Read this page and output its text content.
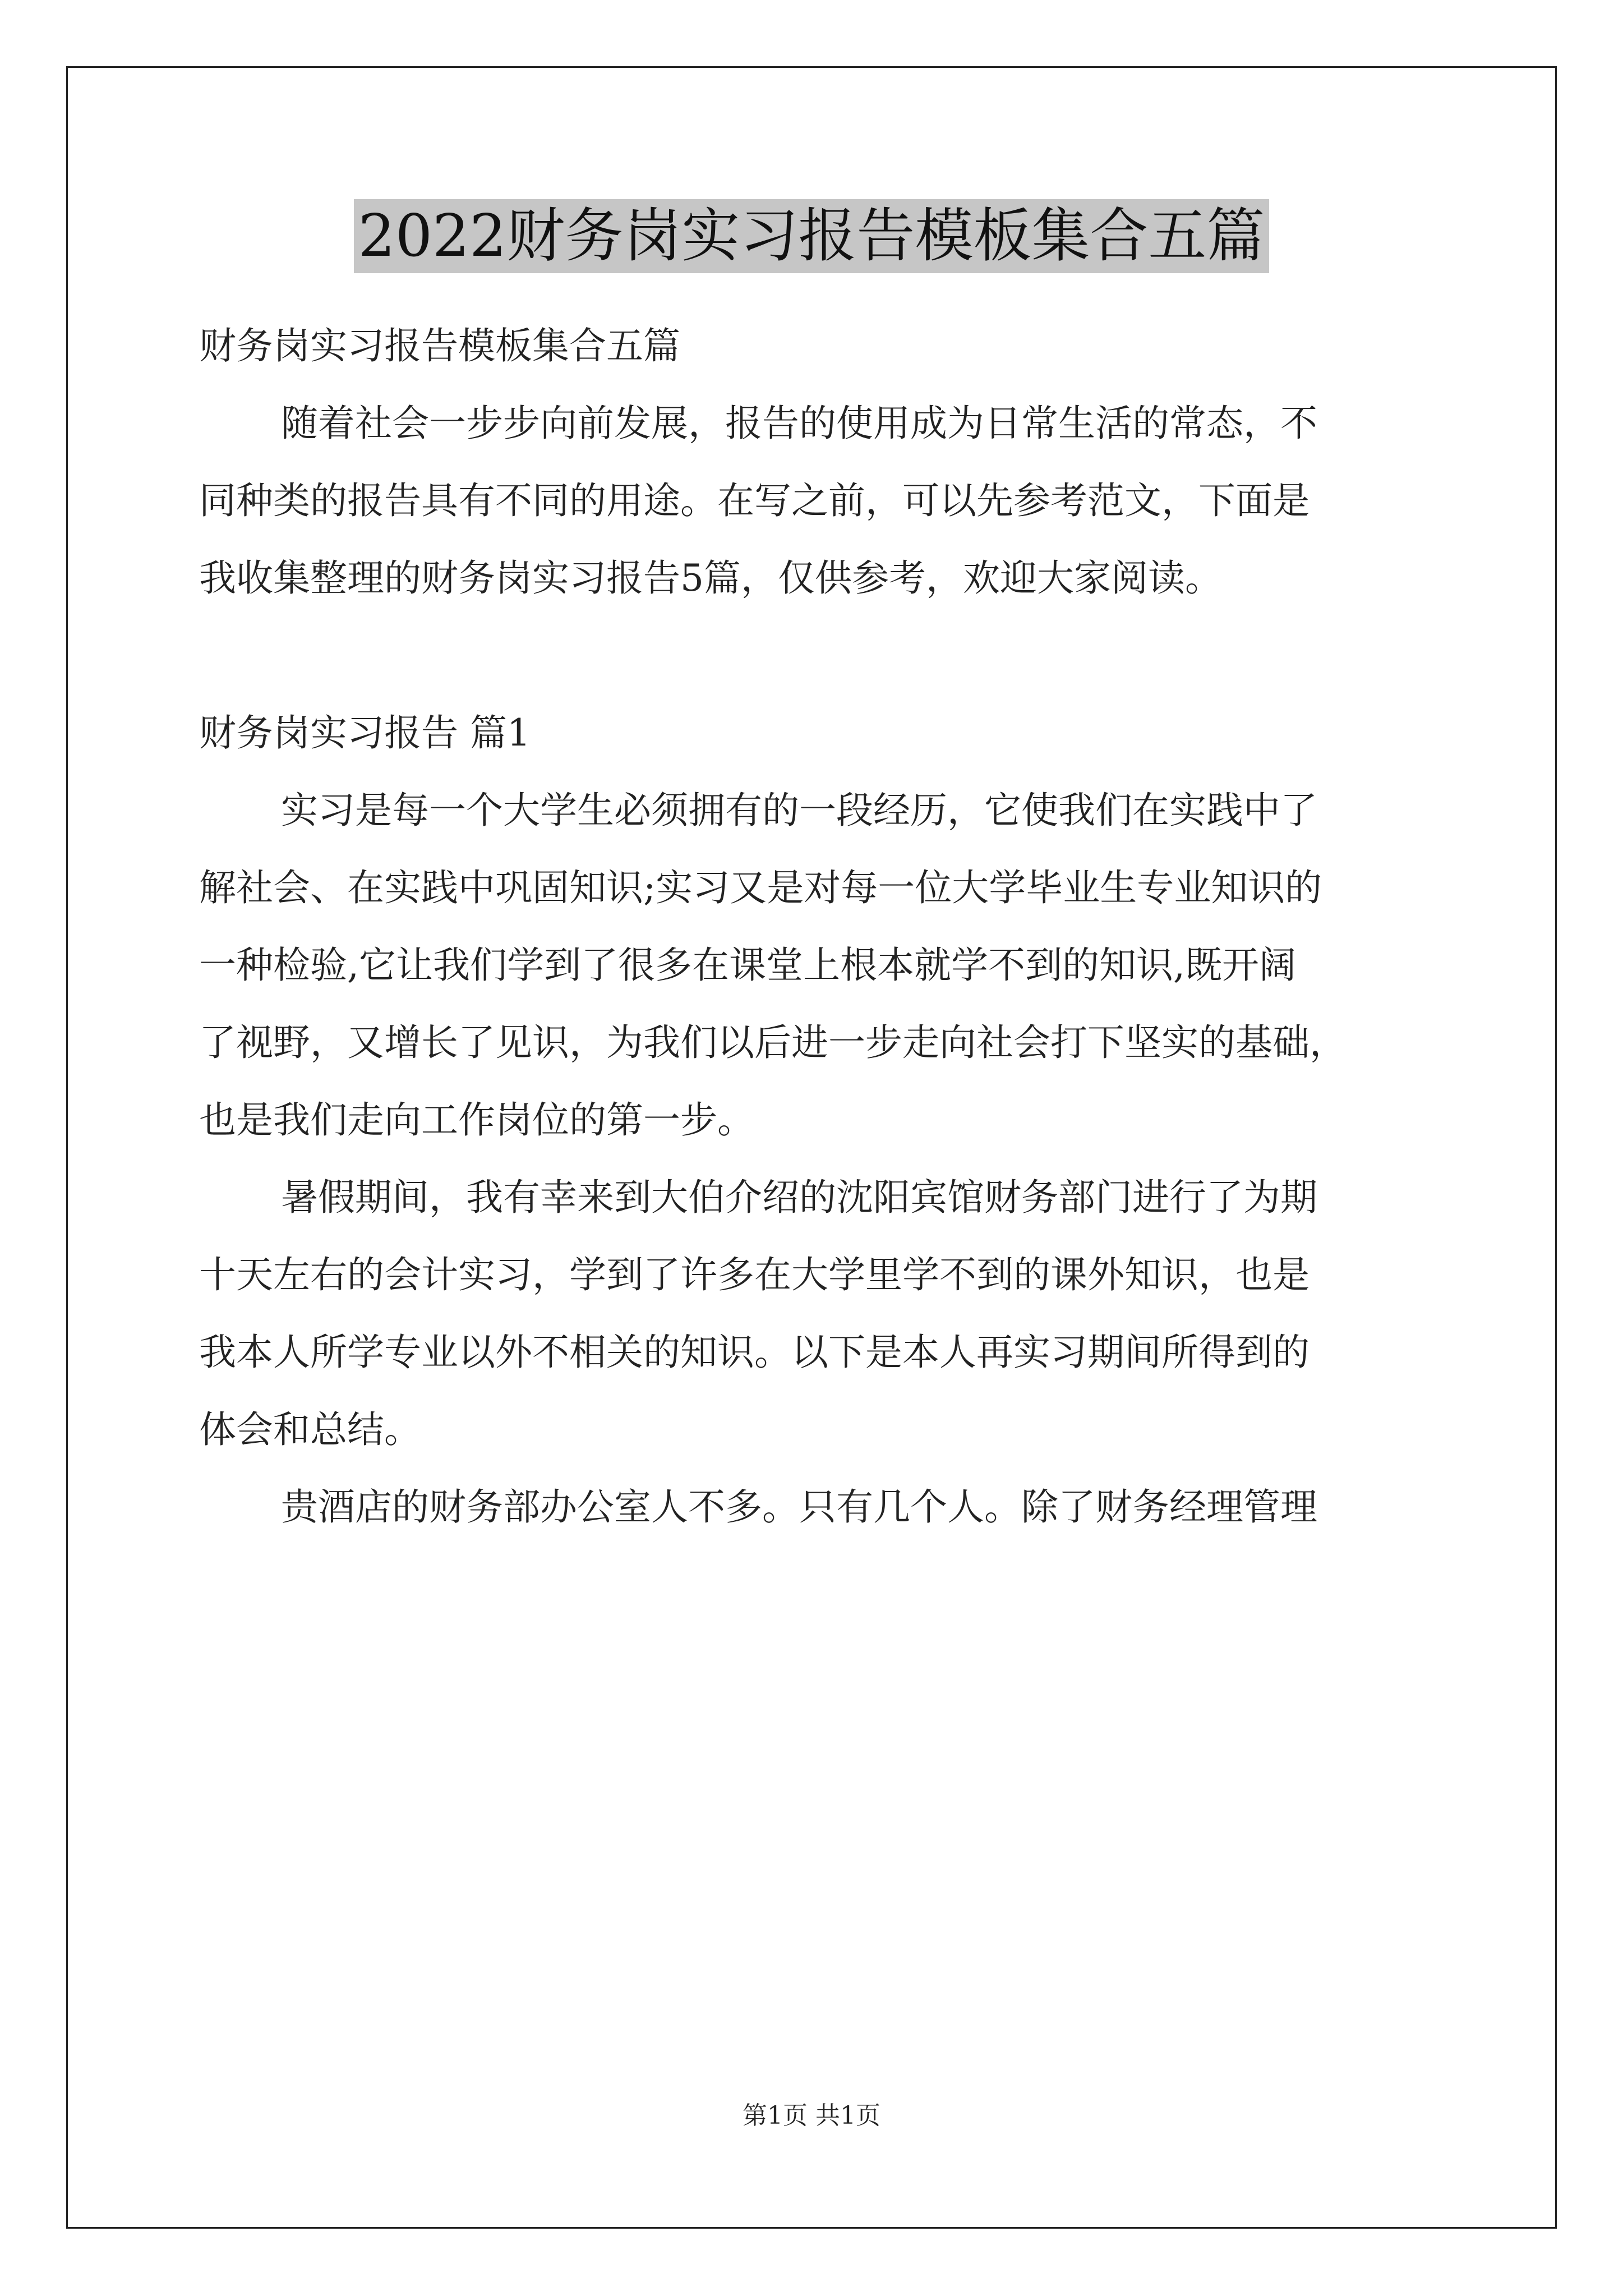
2022财务岗实习报告模板集合五篇
财务岗实习报告模板集合五篇
随着社会一步步向前发展，报告的使用成为日常生活的常态，不
同种类的报告具有不同的用途。在写之前，可以先参考范文，下面是
我收集整理的财务岗实习报告5篇，仅供参考，欢迎大家阅读。
财务岗实习报告 篇1
实习是每一个大学生必须拥有的一段经历，它使我们在实践中了
解社会、在实践中巩固知识;实习又是对每一位大学毕业生专业知识的
一种检验,它让我们学到了很多在课堂上根本就学不到的知识,既开阔
了视野，又增长了见识，为我们以后进一步走向社会打下坚实的基础，
也是我们走向工作岗位的第一步。
暑假期间，我有幸来到大伯介绍的沈阳宾馆财务部门进行了为期
十天左右的会计实习，学到了许多在大学里学不到的课外知识，也是
我本人所学专业以外不相关的知识。以下是本人再实习期间所得到的
体会和总结。
贵酒店的财务部办公室人不多。只有几个人。除了财务经理管理
第1页 共1页
